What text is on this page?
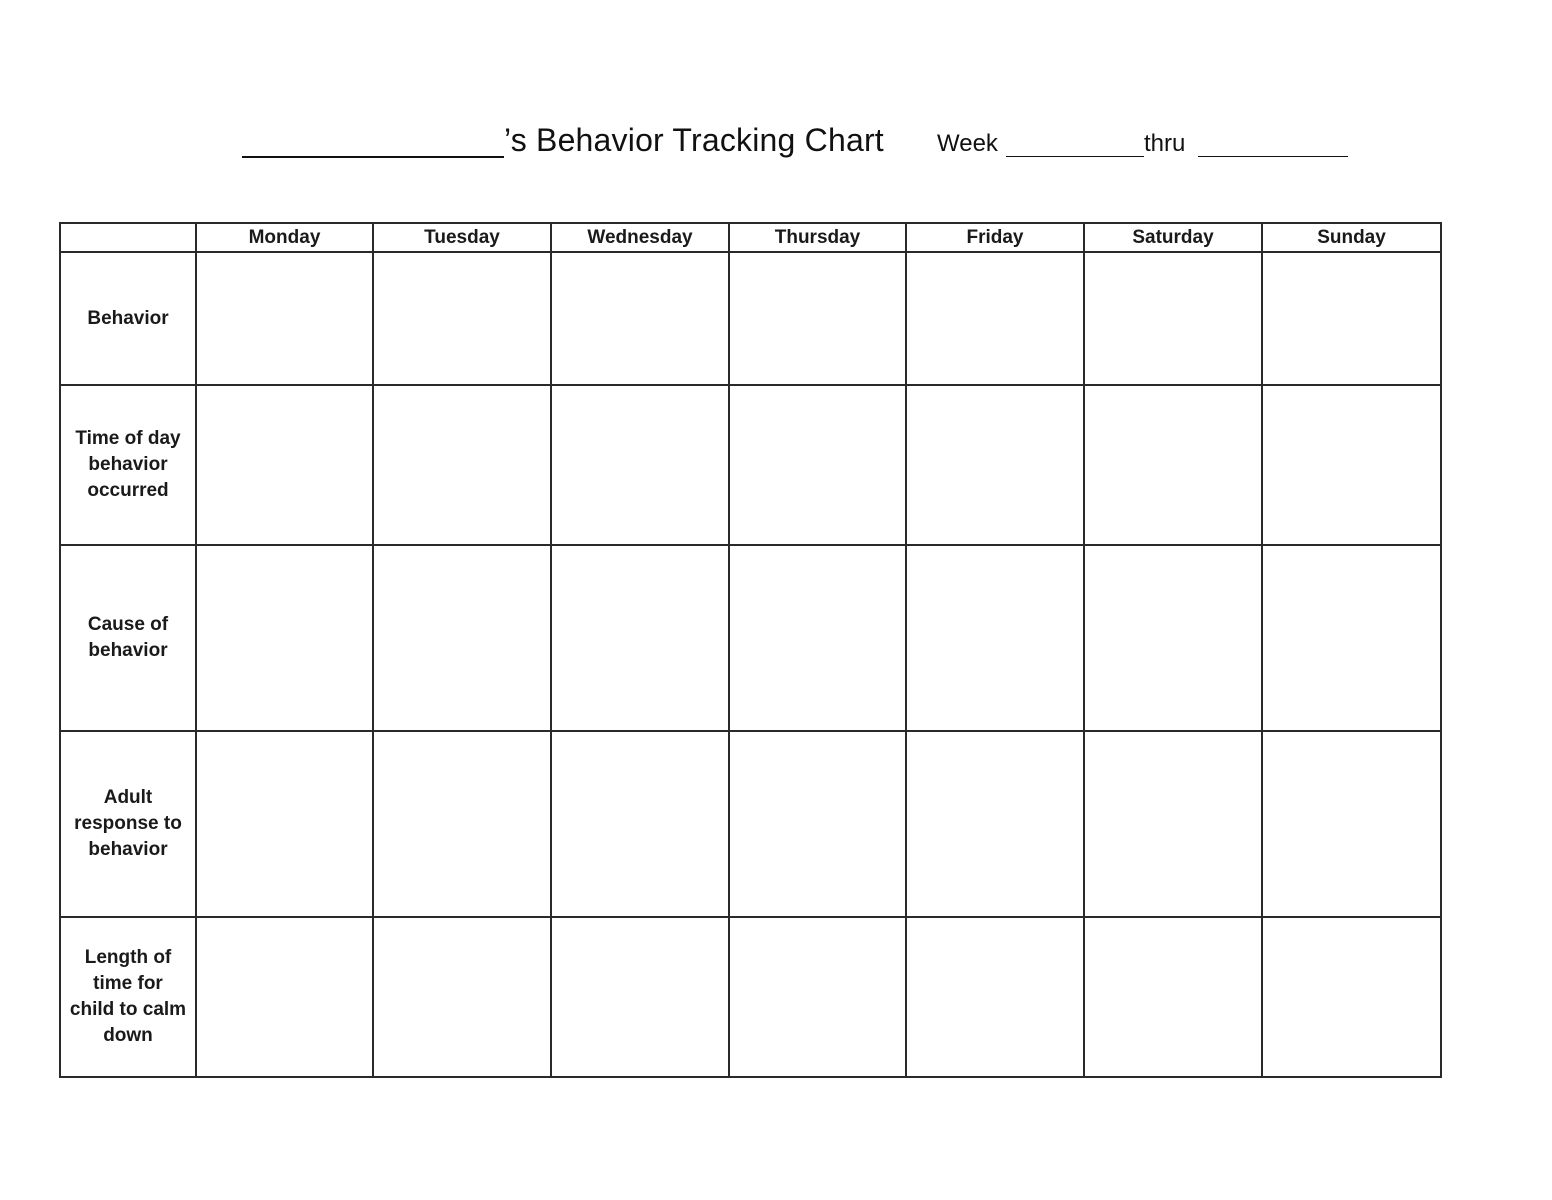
’s Behavior Tracking Chart Week	thru
	Monday	Tuesday	Wednesday	Thursday	Friday	Saturday	Sunday
Behavior							
Time of day behavior occurred							
Cause of behavior							
Adult response to behavior							
Length of time for child to calm down							
